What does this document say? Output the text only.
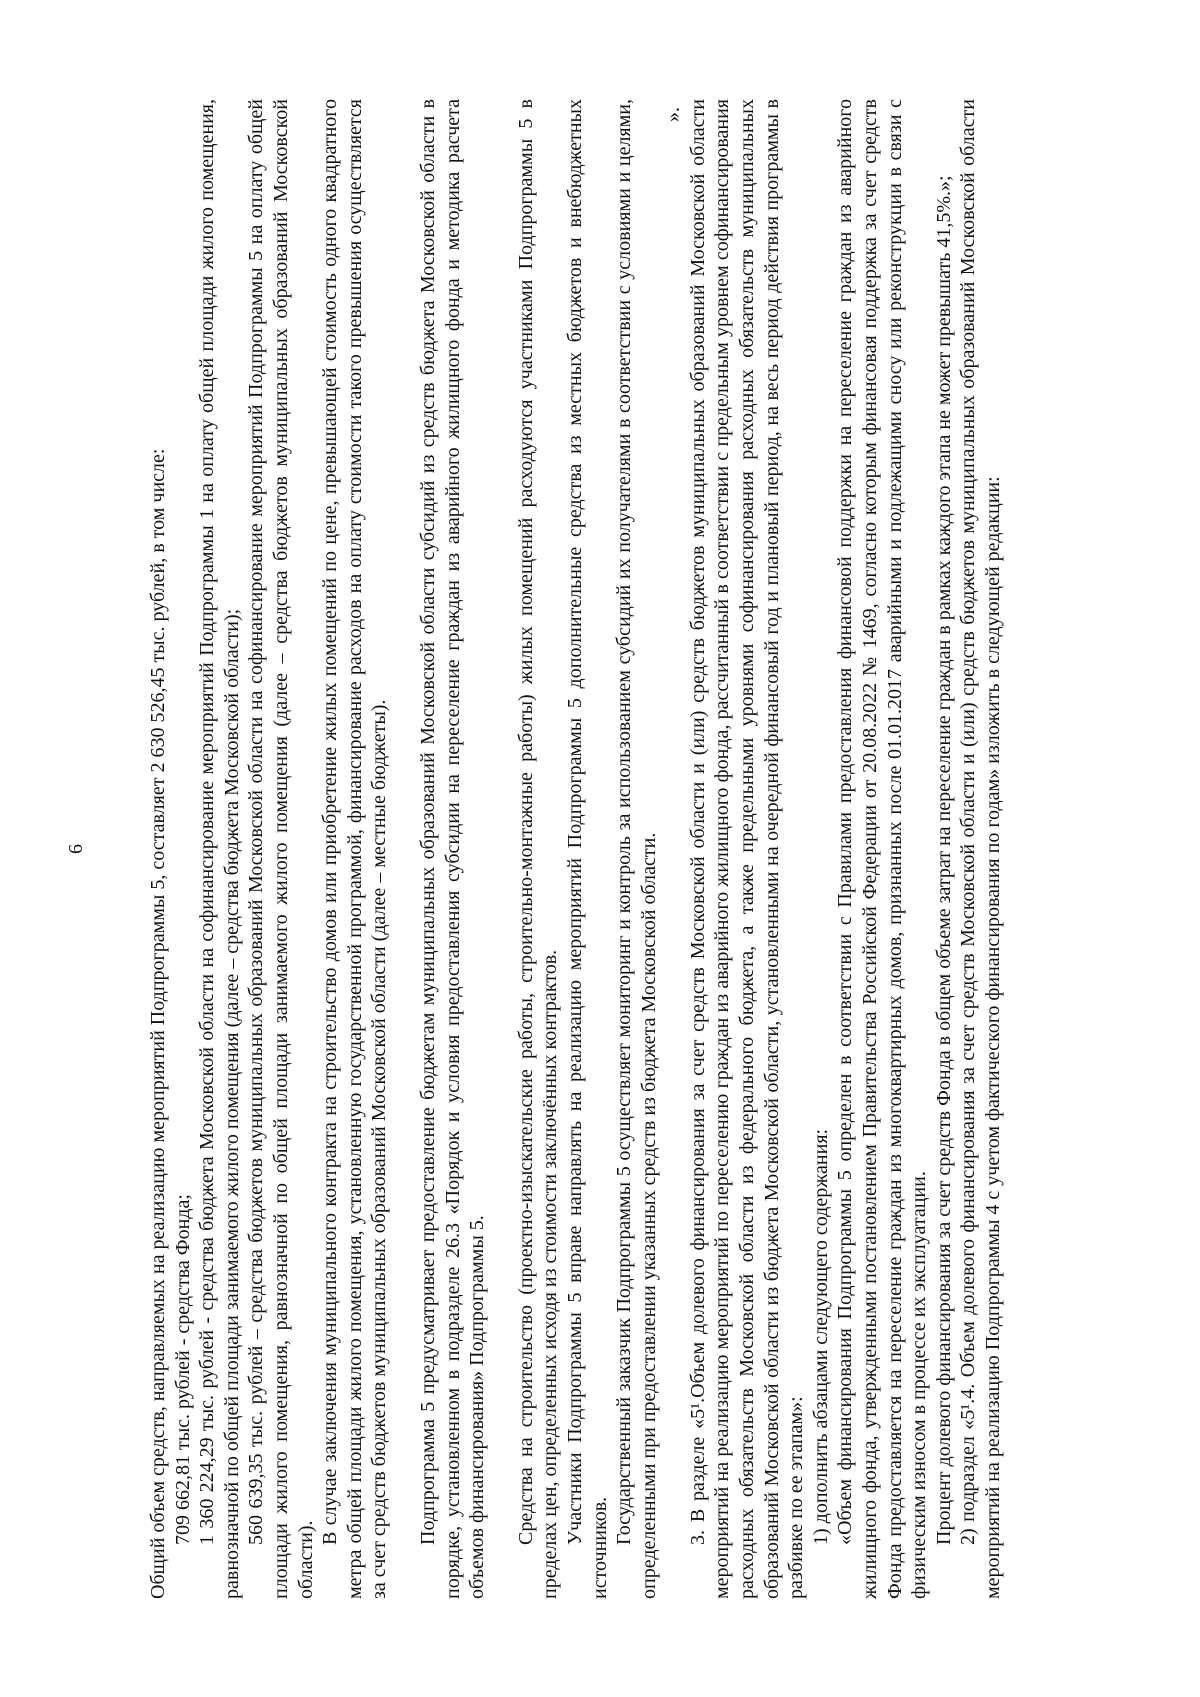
6	Общий объем средств, направляемых на реализацию мероприятий Подпрограммы 5, составляет 2 630 526,45 тыс. рублей, в том числе: 709 662,81 тыс. рублей - средства Фонда; 1 360 224,29 тыс. рублей - средства бюджета Московской области на софинансирование мероприятий Подпрограммы 1 на оплату общей площади жилого помещения, равнозначной по общей площади занимаемого жилого помещения (далее – средства бюджета Московской области); 560 639,35 тыс. рублей – средства бюджетов муниципальных образований Московской области на софинансирование мероприятий Подпрограммы 5 на оплату общей площади жилого помещения, равнозначной по общей площади занимаемого жилого помещения (далее – средства бюджетов муниципальных образований Московской области).

В случае заключения муниципального контракта на строительство домов или приобретение жилых помещений по цене, превышающей стоимость одного квадратного метра общей площади жилого помещения, установленную государственной программой, финансирование расходов на оплату стоимости такого превышения осуществляется за счет средств бюджетов муниципальных образований Московской области (далее – местные бюджеты). Подпрограмма 5 предусматривает предоставление бюджетам муниципальных образований Московской области субсидий из средств бюджета Московской области в порядке, установленном в подразделе 26.3 «Порядок и условия предоставления субсидии на переселение граждан из аварийного жилищного фонда и методика расчета объемов финансирования» Подпрограммы 5. Средства на строительство (проектно-изыскательские работы, строительно-монтажные работы) жилых помещений расходуются участниками Подпрограммы 5 в пределах цен, определенных исходя из стоимости заключённых контрактов. Участники Подпрограммы 5 вправе направлять на реализацию мероприятий Подпрограммы 5 дополнительные средства из местных бюджетов и внебюджетных источников.

Государственный заказчик Подпрограммы 5 осуществляет мониторинг и контроль за использованием субсидий их получателями в соответствии с условиями и целями, определенными при предоставлении указанных средств из бюджета Московской области.

». 3. В разделе «5¹.Объем долевого финансирования за счет средств Московской области и (или) средств бюджетов муниципальных образований Московской области мероприятий на реализацию мероприятий по переселению граждан из аварийного жилищного фонда, рассчитанный в соответствии с предельным уровнем софинансирования расходных обязательств Московской области из федерального бюджета, а также предельными уровнями софинансирования расходных обязательств муниципальных образований Московской области из бюджета Московской области, установленными на очередной финансовый год и плановый период, на весь период действия программы в разбивке по ее этапам»: 1) дополнить абзацами следующего содержания: «Объем финансирования Подпрограммы 5 определен в соответствии с Правилами предоставления финансовой поддержки на переселение граждан из аварийного жилищного фонда, утвержденными постановлением Правительства Российской Федерации от 20.08.2022 № 1469, согласно которым финансовая поддержка за счет средств Фонда предоставляется на переселение граждан из многоквартирных домов, признанных после 01.01.2017 аварийными и подлежащими сносу или реконструкции в связи с физическим износом в процессе их эксплуатации. Процент долевого финансирования за счет средств Фонда в общем объеме затрат на переселение граждан в рамках каждого этапа не может превышать 41,5%.»; 2) подраздел «5¹.4. Объем долевого финансирования за счет средств Московской области и (или) средств бюджетов муниципальных образований Московской области мероприятий на реализацию Подпрограммы 4 с учетом фактического финансирования по годам» изложить в следующей редакции:
